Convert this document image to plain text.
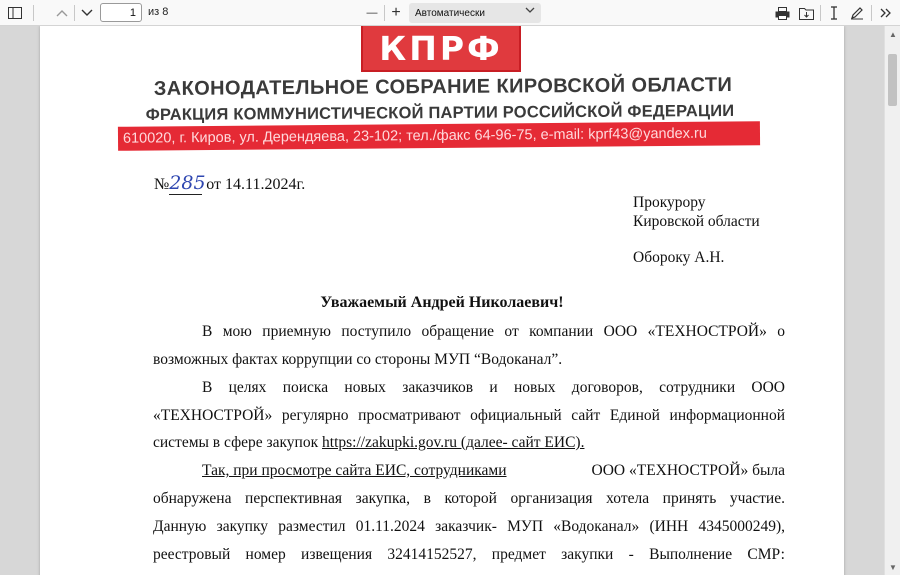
1
из 8	— + Автоматически
КПРФ
ЗАКОНОДАТЕЛЬНОЕ СОБРАНИЕ КИРОВСКОЙ ОБЛАСТИ
ФРАКЦИЯ КОММУНИСТИЧЕСКОЙ ПАРТИИ РОССИЙСКОЙ ФЕДЕРАЦИИ
610020, г. Киров, ул. Дерендяева, 23-102; тел./факс 64-96-75, e-mail: kprf43@yandex.ru
№285 от 14.11.2024г.
Прокурору
Кировской области
Обороку А.Н.
Уважаемый Андрей Николаевич!
В мою приемную поступило обращение от компании ООО «ТЕХНОСТРОЙ» о
возможных фактах коррупции со стороны МУП “Водоканал”.
В целях поиска новых заказчиков и новых договоров, сотрудники ООО
«ТЕХНОСТРОЙ» регулярно просматривают официальный сайт Единой информационной
системы в сфере закупок https://zakupki.gov.ru (далее- сайт ЕИС).
Так, при просмотре сайта ЕИС, сотрудниками	ООО «ТЕХНОСТРОЙ» была
обнаружена перспективная закупка, в которой организация хотела принять участие.
Данную закупку разместил 01.11.2024 заказчик- МУП «Водоканал» (ИНН 4345000249),
реестровый номер извещения 32414152527, предмет закупки - Выполнение СМР:
▲
▼
